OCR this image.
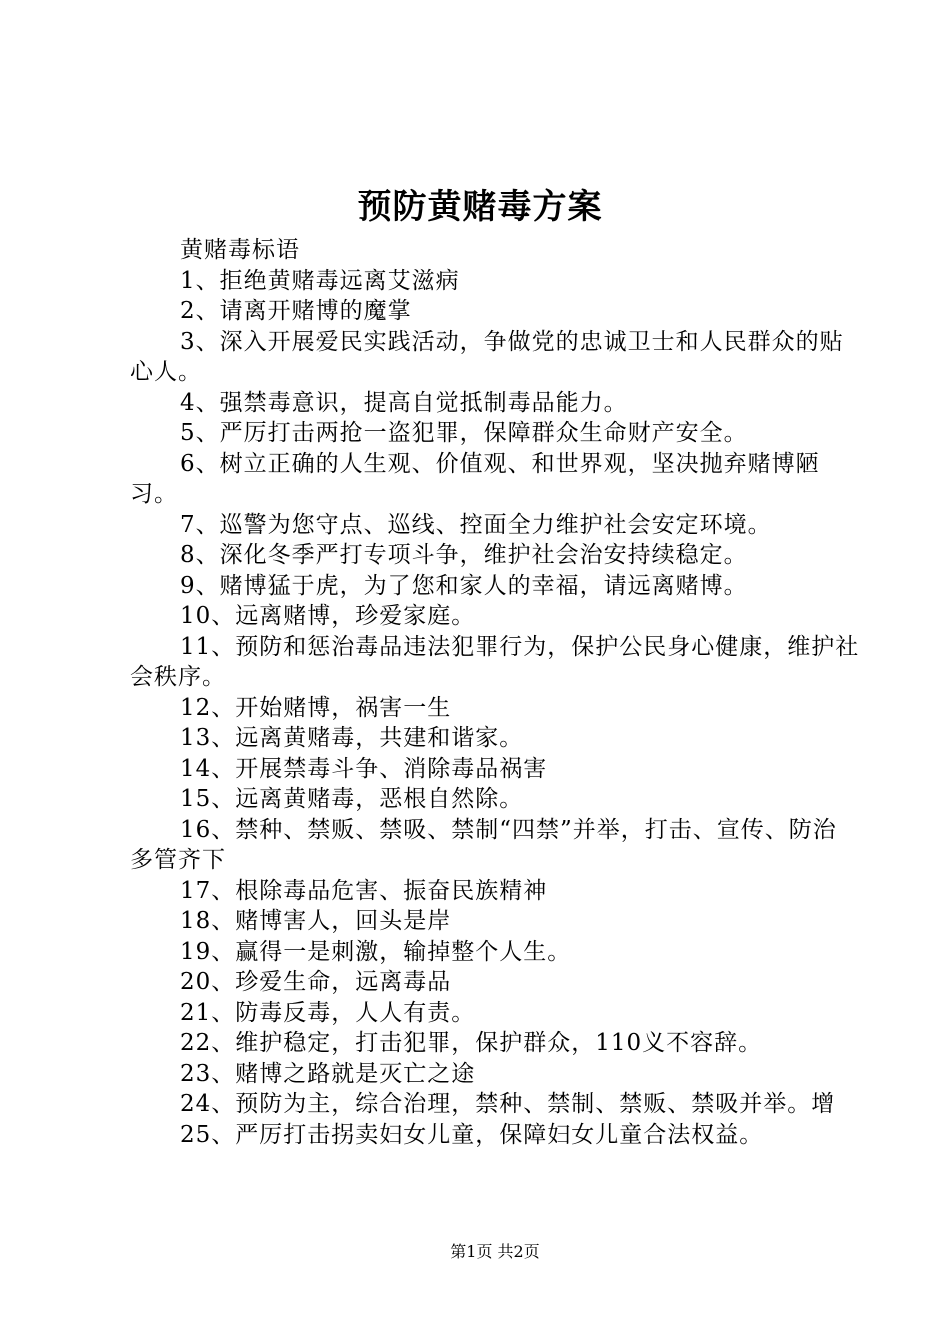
预防黄赌毒方案

黄赌毒标语

1、拒绝黄赌毒远离艾滋病

2、请离开赌博的魔掌

3、深入开展爱民实践活动，争做党的忠诚卫士和人民群众的贴心人。

4、强禁毒意识，提高自觉抵制毒品能力。

5、严厉打击两抢一盗犯罪，保障群众生命财产安全。

6、树立正确的人生观、价值观、和世界观，坚决抛弃赌博陋习。

7、巡警为您守点、巡线、控面全力维护社会安定环境。

8、深化冬季严打专项斗争，维护社会治安持续稳定。

9、赌博猛于虎，为了您和家人的幸福，请远离赌博。

10、远离赌博，珍爱家庭。

11、预防和惩治毒品违法犯罪行为，保护公民身心健康，维护社会秩序。

12、开始赌博，祸害一生

13、远离黄赌毒，共建和谐家。

14、开展禁毒斗争、消除毒品祸害

15、远离黄赌毒，恶根自然除。

16、禁种、禁贩、禁吸、禁制“四禁”并举，打击、宣传、防治多管齐下

17、根除毒品危害、振奋民族精神

18、赌博害人，回头是岸

19、赢得一是刺激，输掉整个人生。

20、珍爱生命，远离毒品

21、防毒反毒，人人有责。

22、维护稳定，打击犯罪，保护群众，110义不容辞。

23、赌博之路就是灭亡之途

24、预防为主，综合治理，禁种、禁制、禁贩、禁吸并举。增

25、严厉打击拐卖妇女儿童，保障妇女儿童合法权益。

第1页 共2页
